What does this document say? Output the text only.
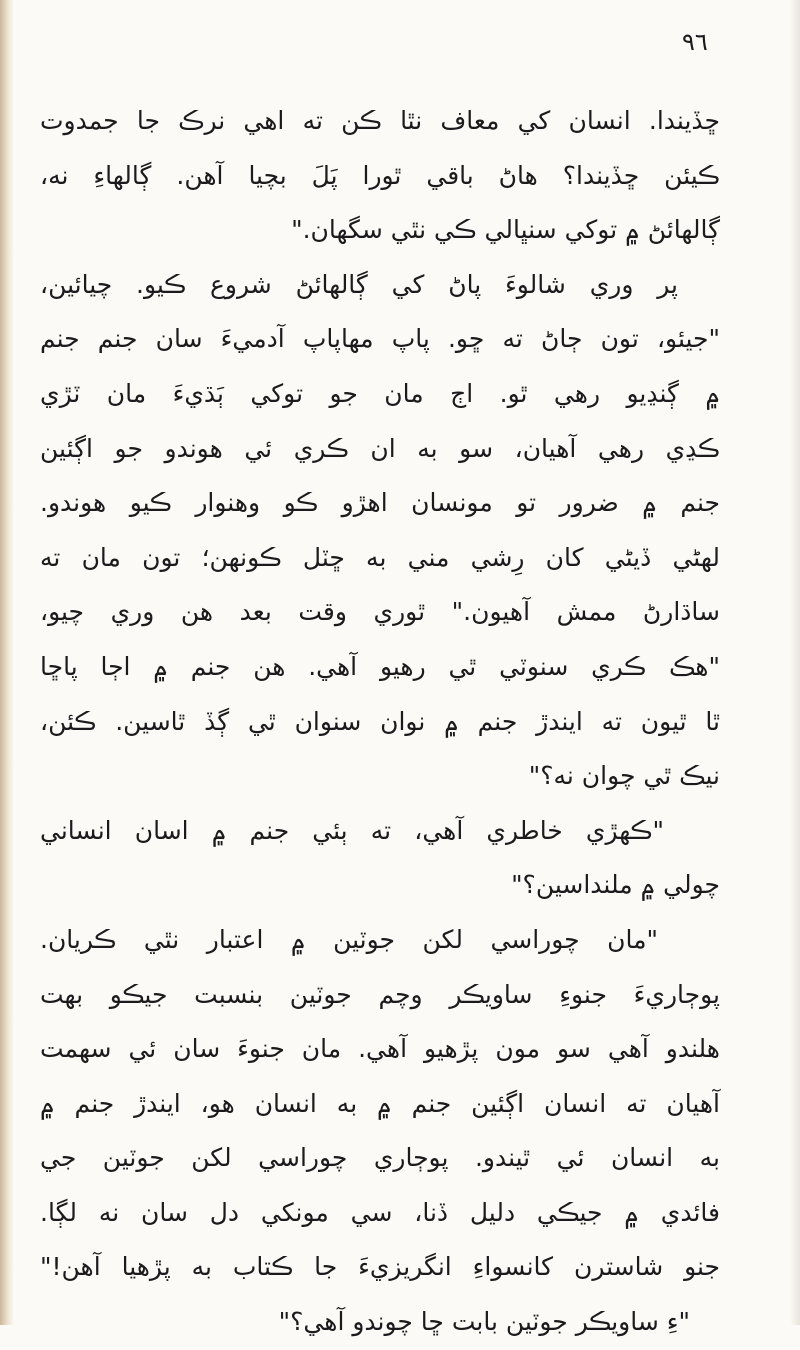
٩٦
ڇڏيندا. انسان کي معاف نٿا ڪن ته اهي نرڪ جا جمدوت
ڪيئن ڇڏيندا؟ هاڻ باقي ٿورا پَلَ بچيا آهن. ڳالهاءِ نه،
ڳالهائڻ ۾ توکي سنڀالي ڪي نٿي سگهان."
پر وري شالوءَ پاڻ کي ڳالهائڻ شروع ڪيو. چيائين،
"جيئو، تون ڄاڻ ته ڇو. پاپ مهاپاپ آدميءَ سان جنم جنم
۾ ڳنڍيو رهي ٿو. اڄ مان جو توکي ٻَڌيءَ مان ٽڙي
ڪڍي رهي آهيان، سو به ان ڪري ئي هوندو جو اڳئين
جنم ۾ ضرور تو مونسان اهڙو ڪو وهنوار ڪيو هوندو.
لهڻي ڏيڻي کان رِشي مني به ڇٽل ڪونهن؛ تون مان ته
ساڌارڻ ممش آهيون." ٿوري وقت بعد هن وري چيو،
"هڪ ڪري سنوٽي ٿي رهيو آهي. هن جنم ۾ اڄا پاڇا
ٿا ٿيون ته ايندڙ جنم ۾ نوان سنوان ٿي ڳڏ ٿاسين. ڪئن،
نيڪ ٿي چوان نه؟"
"ڪهڙي خاطري آهي، ته ٻئي جنم ۾ اسان انساني
چولي ۾ ملنداسين؟"
"مان چوراسي لکن جوٽين ۾ اعتبار نٿي ڪريان.
پوڄاريءَ جنوءِ ساويڪر وچم جوٽين بنسبت جيڪو بهت
هلندو آهي سو مون پڙهيو آهي. مان جنوءَ سان ئي سهمت
آهيان ته انسان اڳئين جنم ۾ به انسان هو، ايندڙ جنم ۾
به انسان ئي ٿيندو. پوڄاري چوراسي لکن جوٽين جي
فائدي ۾ جيڪي دليل ڏنا، سي مونکي دل سان نه لڳا.
جنو شاسترن کانسواءِ انگريزيءَ جا ڪتاب به پڙهيا آهن!"
"ءِ ساويڪر جوٽين بابت ڇا چوندو آهي؟"
